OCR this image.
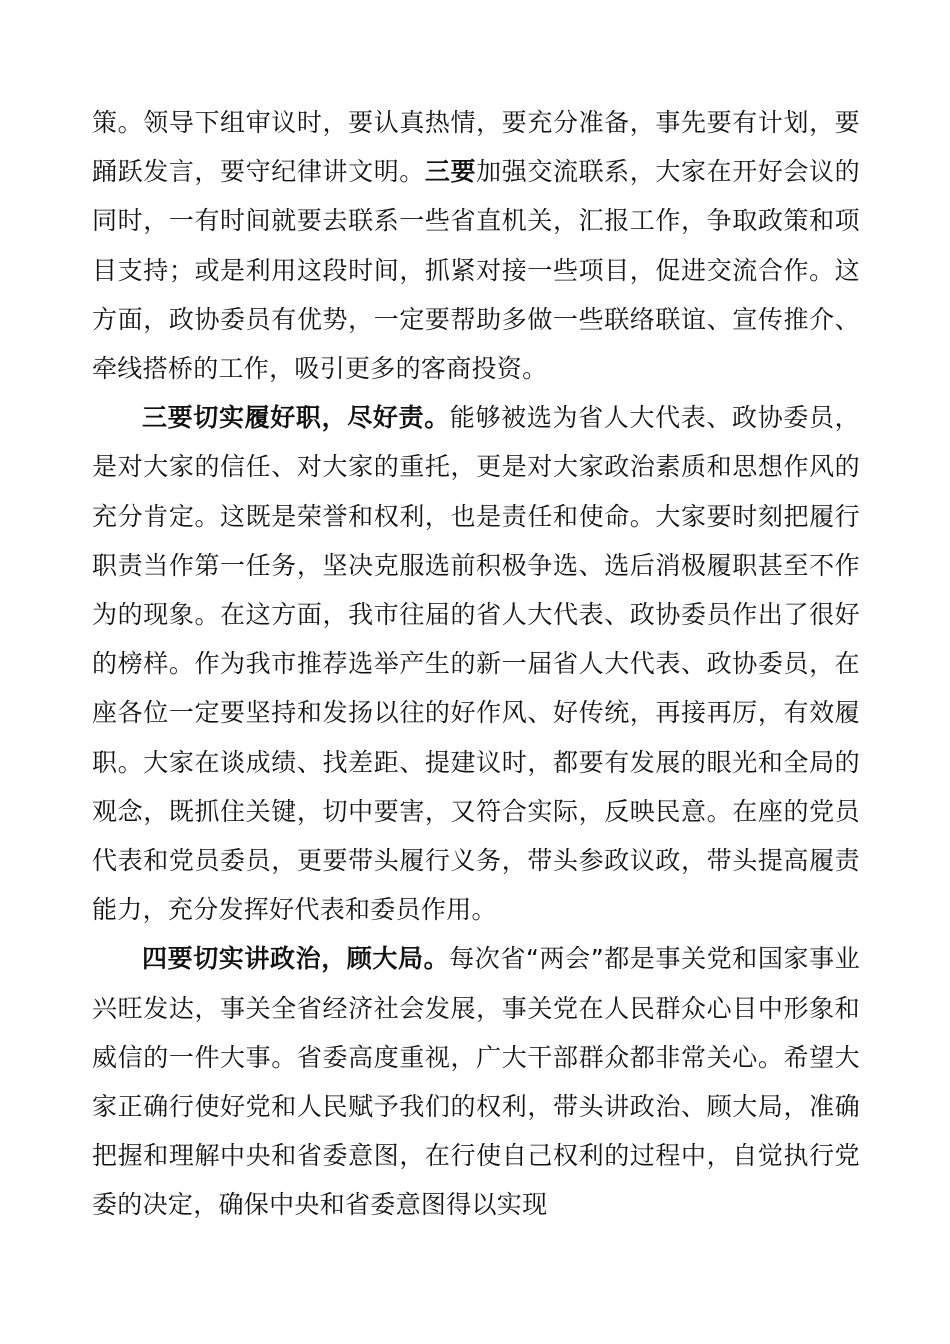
策。领导下组审议时，要认真热情，要充分准备，事先要有计划，要踊跃发言，要守纪律讲文明。三要加强交流联系，大家在开好会议的同时，一有时间就要去联系一些省直机关，汇报工作，争取政策和项目支持；或是利用这段时间，抓紧对接一些项目，促进交流合作。这方面，政协委员有优势，一定要帮助多做一些联络联谊、宣传推介、牵线搭桥的工作，吸引更多的客商投资。

三要切实履好职，尽好责。能够被选为省人大代表、政协委员，是对大家的信任、对大家的重托，更是对大家政治素质和思想作风的充分肯定。这既是荣誉和权利，也是责任和使命。大家要时刻把履行职责当作第一任务，坚决克服选前积极争选、选后消极履职甚至不作为的现象。在这方面，我市往届的省人大代表、政协委员作出了很好的榜样。作为我市推荐选举产生的新一届省人大代表、政协委员，在座各位一定要坚持和发扬以往的好作风、好传统，再接再厉，有效履职。大家在谈成绩、找差距、提建议时，都要有发展的眼光和全局的观念，既抓住关键，切中要害，又符合实际，反映民意。在座的党员代表和党员委员，更要带头履行义务，带头参政议政，带头提高履责能力，充分发挥好代表和委员作用。

四要切实讲政治，顾大局。每次省“两会”都是事关党和国家事业兴旺发达，事关全省经济社会发展，事关党在人民群众心目中形象和威信的一件大事。省委高度重视，广大干部群众都非常关心。希望大家正确行使好党和人民赋予我们的权利，带头讲政治、顾大局，准确把握和理解中央和省委意图，在行使自己权利的过程中，自觉执行党委的决定，确保中央和省委意图得以实现
